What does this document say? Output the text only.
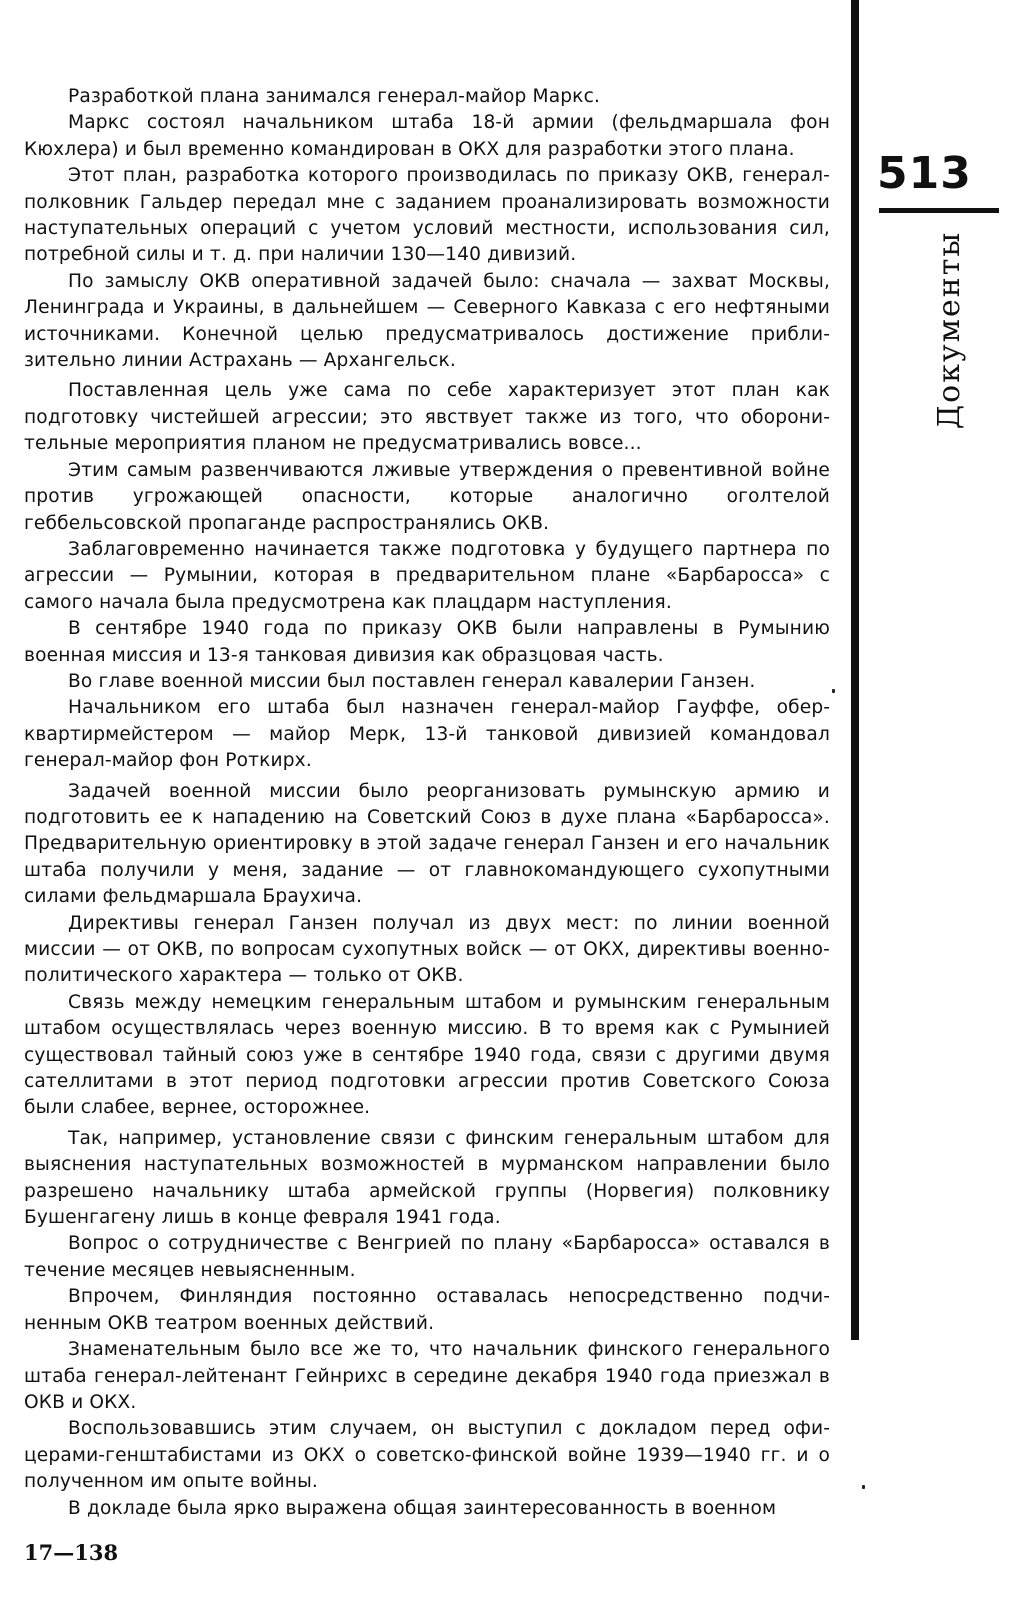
513
Документы

Разработкой плана занимался генерал-майор Маркс.

Маркс состоял начальником штаба 18-й армии (фельдмаршала фон Кюхлера) и был временно командирован в ОКХ для разработки этого плана.

Этот план, разработка которого производилась по приказу ОКВ, генерал-полковник Гальдер передал мне с заданием проанализировать возможности наступательных операций с учетом условий местности, использования сил, потребной силы и т. д. при наличии 130—140 дивизий.

По замыслу ОКВ оперативной задачей было: сначала — захват Москвы, Ленинграда и Украины, в дальнейшем — Северного Кавказа с его нефтяными источниками. Конечной целью предусматривалось достижение приблизительно линии Астрахань — Архангельск.

Поставленная цель уже сама по себе характеризует этот план как подготовку чистейшей агрессии; это явствует также из того, что оборонительные мероприятия планом не предусматривались вовсе...

Этим самым развенчиваются лживые утверждения о превентивной войне против угрожающей опасности, которые аналогично оголтелой геббельсовской пропаганде распространялись ОКВ.

Заблаговременно начинается также подготовка у будущего партнера по агрессии — Румынии, которая в предварительном плане «Барбаросса» с самого начала была предусмотрена как плацдарм наступления.

В сентябре 1940 года по приказу ОКВ были направлены в Румынию военная миссия и 13-я танковая дивизия как образцовая часть.

Во главе военной миссии был поставлен генерал кавалерии Ганзен.

Начальником его штаба был назначен генерал-майор Гауффе, оберквартирмейстером — майор Мерк, 13-й танковой дивизией командовал генерал-майор фон Роткирх.

Задачей военной миссии было реорганизовать румынскую армию и подготовить ее к нападению на Советский Союз в духе плана «Барбаросса». Предварительную ориентировку в этой задаче генерал Ганзен и его начальник штаба получили у меня, задание — от главнокомандующего сухопутными силами фельдмаршала Браухича.

Директивы генерал Ганзен получал из двух мест: по линии военной миссии — от ОКВ, по вопросам сухопутных войск — от ОКХ, директивы военно-политического характера — только от ОКВ.

Связь между немецким генеральным штабом и румынским генеральным штабом осуществлялась через военную миссию. В то время как с Румынией существовал тайный союз уже в сентябре 1940 года, связи с другими двумя сателлитами в этот период подготовки агрессии против Советского Союза были слабее, вернее, осторожнее.

Так, например, установление связи с финским генеральным штабом для выяснения наступательных возможностей в мурманском направлении было разрешено начальнику штаба армейской группы (Норвегия) полковнику Бушенгагену лишь в конце февраля 1941 года.

Вопрос о сотрудничестве с Венгрией по плану «Барбаросса» оставался в течение месяцев невыясненным.

Впрочем, Финляндия постоянно оставалась непосредственно подчиненным ОКВ театром военных действий.

Знаменательным было все же то, что начальник финского генерального штаба генерал-лейтенант Гейнрихс в середине декабря 1940 года приезжал в ОКВ и ОКХ.

Воспользовавшись этим случаем, он выступил с докладом перед офицерами-генштабистами из ОКХ о советско-финской войне 1939—1940 гг. и о полученном им опыте войны.

В докладе была ярко выражена общая заинтересованность в военном

17—138
